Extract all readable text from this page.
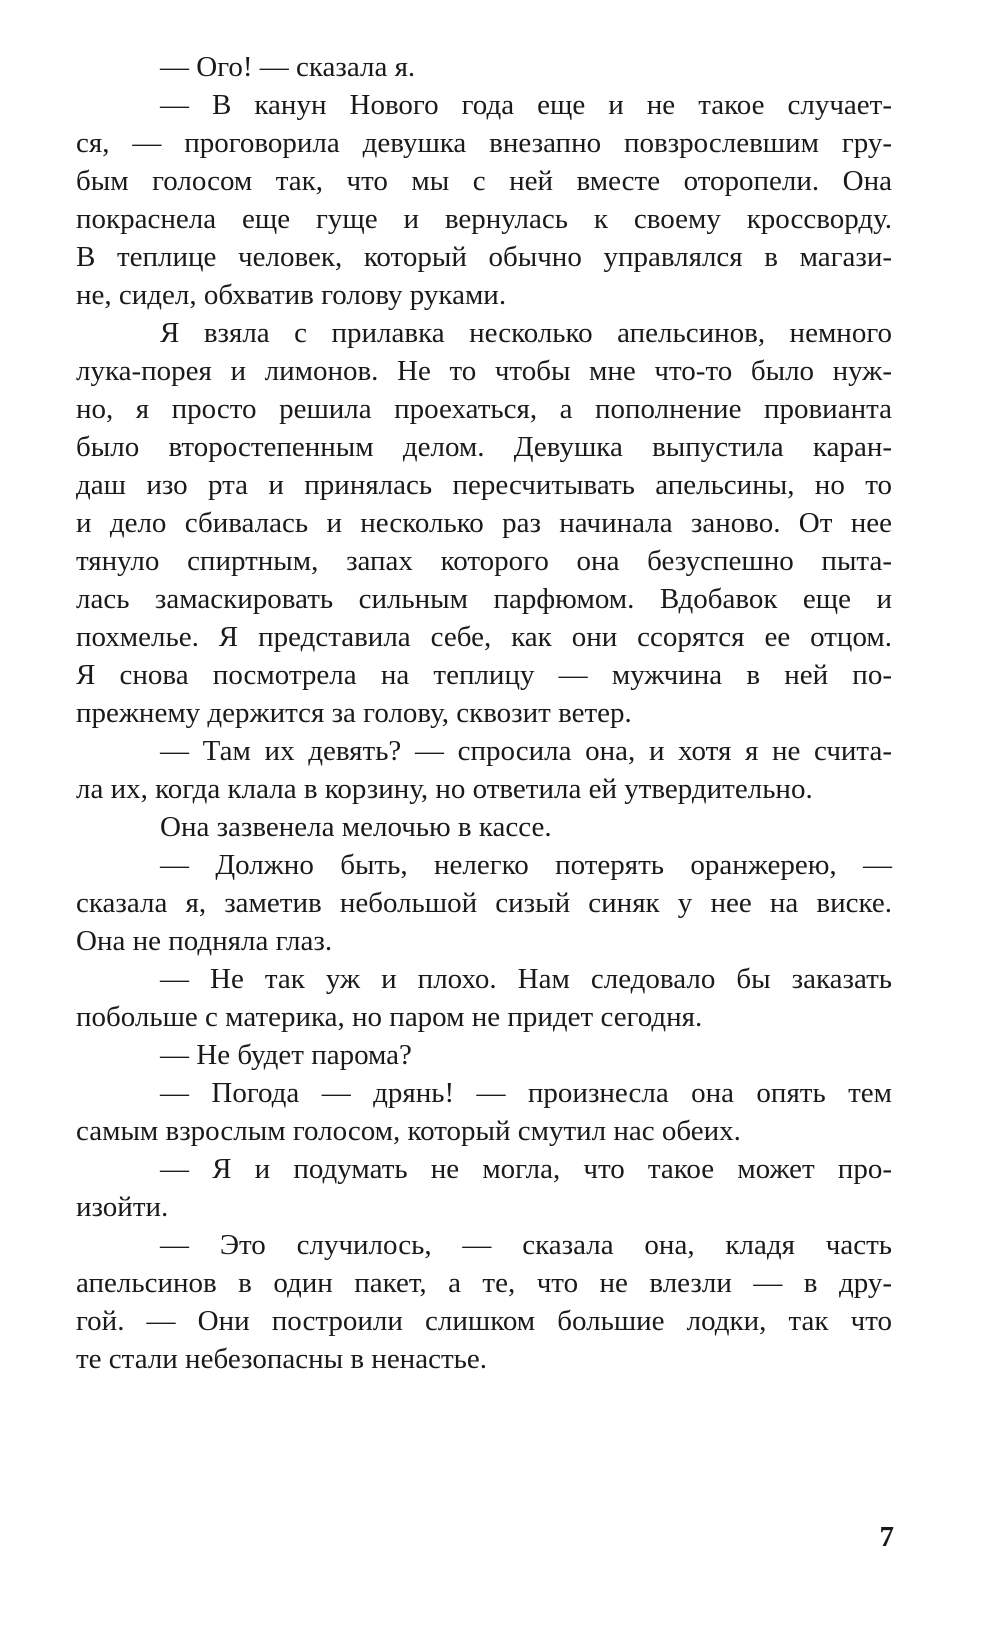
— Ого! — сказала я.
— В канун Нового года еще и не такое случает-
ся, — проговорила девушка внезапно повзрослевшим гру-
бым голосом так, что мы с ней вместе оторопели. Она
покраснела еще гуще и вернулась к своему кроссворду.
В теплице человек, который обычно управлялся в магази-
не, сидел, обхватив голову руками.
Я взяла с прилавка несколько апельсинов, немного
лука-порея и лимонов. Не то чтобы мне что-то было нуж-
но, я просто решила проехаться, а пополнение провианта
было второстепенным делом. Девушка выпустила каран-
даш изо рта и принялась пересчитывать апельсины, но то
и дело сбивалась и несколько раз начинала заново. От нее
тянуло спиртным, запах которого она безуспешно пыта-
лась замаскировать сильным парфюмом. Вдобавок еще и
похмелье. Я представила себе, как они ссорятся ее отцом.
Я снова посмотрела на теплицу — мужчина в ней по-
прежнему держится за голову, сквозит ветер.
— Там их девять? — спросила она, и хотя я не счита-
ла их, когда клала в корзину, но ответила ей утвердительно.
Она зазвенела мелочью в кассе.
— Должно быть, нелегко потерять оранжерею, —
сказала я, заметив небольшой сизый синяк у нее на виске.
Она не подняла глаз.
— Не так уж и плохо. Нам следовало бы заказать
побольше с материка, но паром не придет сегодня.
— Не будет парома?
— Погода — дрянь! — произнесла она опять тем
самым взрослым голосом, который смутил нас обеих.
— Я и подумать не могла, что такое может про-
изойти.
— Это случилось, — сказала она, кладя часть
апельсинов в один пакет, а те, что не влезли — в дру-
гой. — Они построили слишком большие лодки, так что
те стали небезопасны в ненастье.
7
